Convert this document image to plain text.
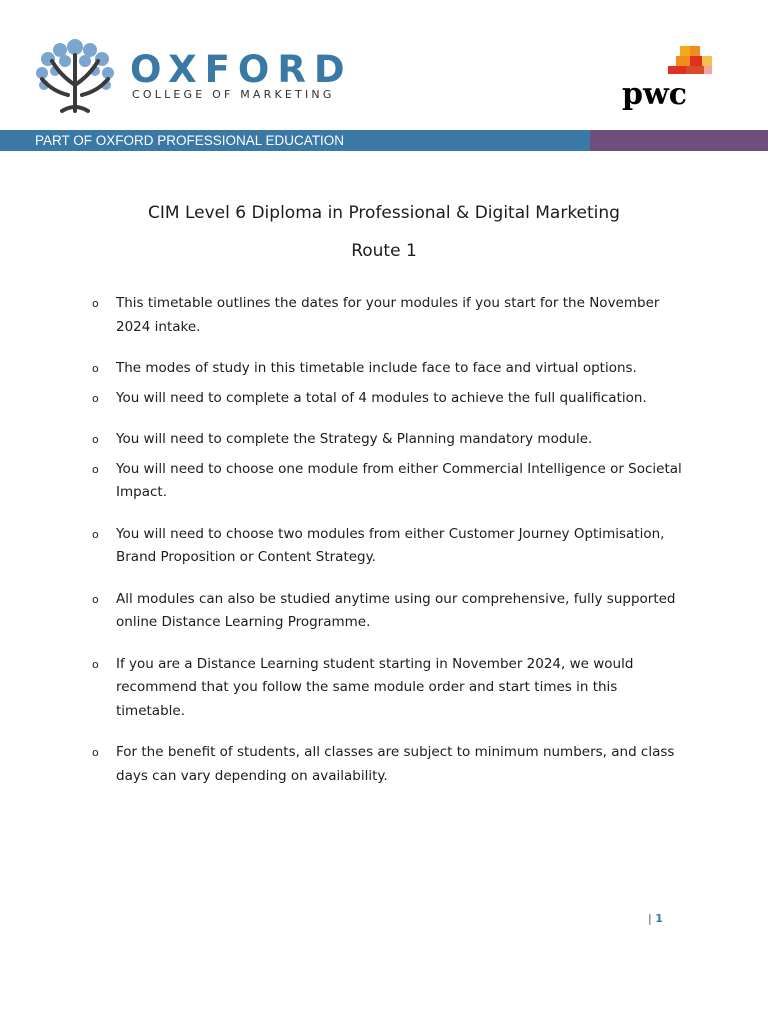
OXFORD
COLLEGE OF MARKETING	pwc
PART OF OXFORD PROFESSIONAL EDUCATION
CIM Level 6 Diploma in Professional & Digital Marketing
Route 1
o This timetable outlines the dates for your modules if you start for the November 2024 intake.
o The modes of study in this timetable include face to face and virtual options.
o You will need to complete a total of 4 modules to achieve the full qualification.
o You will need to complete the Strategy & Planning mandatory module.
o You will need to choose one module from either Commercial Intelligence or Societal Impact.
o You will need to choose two modules from either Customer Journey Optimisation, Brand Proposition or Content Strategy.
o All modules can also be studied anytime using our comprehensive, fully supported online Distance Learning Programme.
o If you are a Distance Learning student starting in November 2024, we would recommend that you follow the same module order and start times in this timetable.
o For the benefit of students, all classes are subject to minimum numbers, and class days can vary depending on availability.
| 1
